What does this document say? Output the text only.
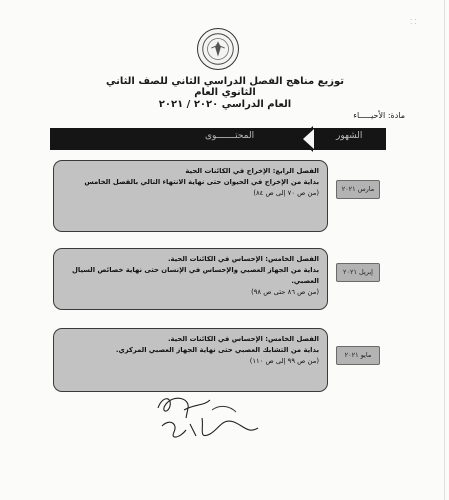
⁚ ⁚
توزيع مناهج الفصل الدراسي الثاني للصف الثاني الثانوي العام
العام الدراسي ٢٠٢٠ / ٢٠٢١
مادة: الأحيـــــاء
المحتـــــــوى	الشهور
الفصل الرابع: الإخراج في الكائنات الحية
بداية من الإخراج في الحيوان حتى نهاية الانتهاء التالي بالفصل الخامس
(من ص ٧٠ إلى ص ٨٤)	مارس ٢٠٢١
الفصل الخامس: الإحساس في الكائنات الحية.
بداية من الجهاز العصبي والإحساس في الإنسان حتى نهاية خصائص السيال العصبي.
(من ص ٨٦ حتى ص ٩٨)
إبريل ٢٠٢١
الفصل الخامس: الإحساس في الكائنات الحية.
بداية من التشابك العصبي حتى نهاية الجهاز العصبي المركزي.
(من ص ٩٩ إلى ص ١١٠)
مايو ٢٠٢١
